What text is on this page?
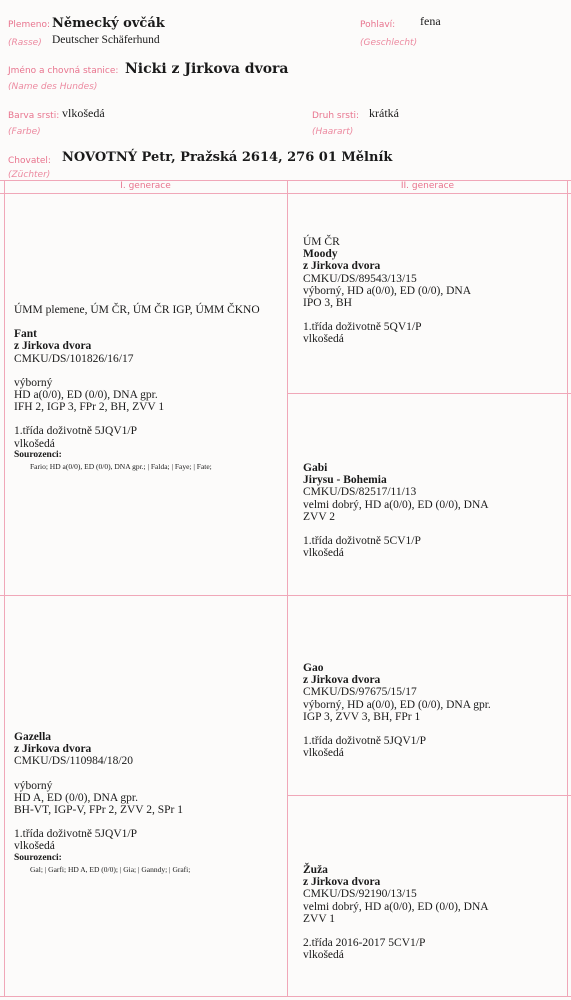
Plemeno:
(Rasse)
Německý ovčák
Deutscher Schäferhund
Pohlaví:
(Geschlecht)
fena
Jméno a chovná stanice:
(Name des Hundes)
Nicki z Jirkova dvora
Barva srsti:
(Farbe)
vlkošedá	Druh srsti:
(Haarart)
krátká
Chovatel:
(Züchter)
NOVOTNÝ Petr, Pražská 2614, 276 01 Mělník
I. generace	II. generace
ÚMM plemene, ÚM ČR, ÚM ČR IGP, ÚMM ČKNO
Fant
z Jirkova dvora
CMKU/DS/101826/16/17
výborný
HD a(0/0), ED (0/0), DNA gpr.
IFH 2, IGP 3, FPr 2, BH, ZVV 1
1.třída doživotně 5JQV1/P
vlkošedá
Sourozenci:
Fario; HD a(0/0), ED (0/0), DNA gpr.; | Falda; | Faye; | Fate;
Gazella
z Jirkova dvora
CMKU/DS/110984/18/20
výborný
HD A, ED (0/0), DNA gpr.
BH-VT, IGP-V, FPr 2, ZVV 2, SPr 1
1.třída doživotně 5JQV1/P
vlkošedá
Sourozenci:
Gal; | Garfi; HD A, ED (0/0); | Gia; | Ganndy; | Grafi;
ÚM ČR
Moody
z Jirkova dvora
CMKU/DS/89543/13/15
výborný, HD a(0/0), ED (0/0), DNA
IPO 3, BH
1.třída doživotně 5QV1/P
vlkošedá
Gabi
Jirysu - Bohemia
CMKU/DS/82517/11/13
velmi dobrý, HD a(0/0), ED (0/0), DNA
ZVV 2
1.třída doživotně 5CV1/P
vlkošedá
Gao
z Jirkova dvora
CMKU/DS/97675/15/17
výborný, HD a(0/0), ED (0/0), DNA gpr.
IGP 3, ZVV 3, BH, FPr 1
1.třída doživotně 5JQV1/P
vlkošedá
Žuža
z Jirkova dvora
CMKU/DS/92190/13/15
velmi dobrý, HD a(0/0), ED (0/0), DNA
ZVV 1
2.třída 2016-2017 5CV1/P
vlkošedá
